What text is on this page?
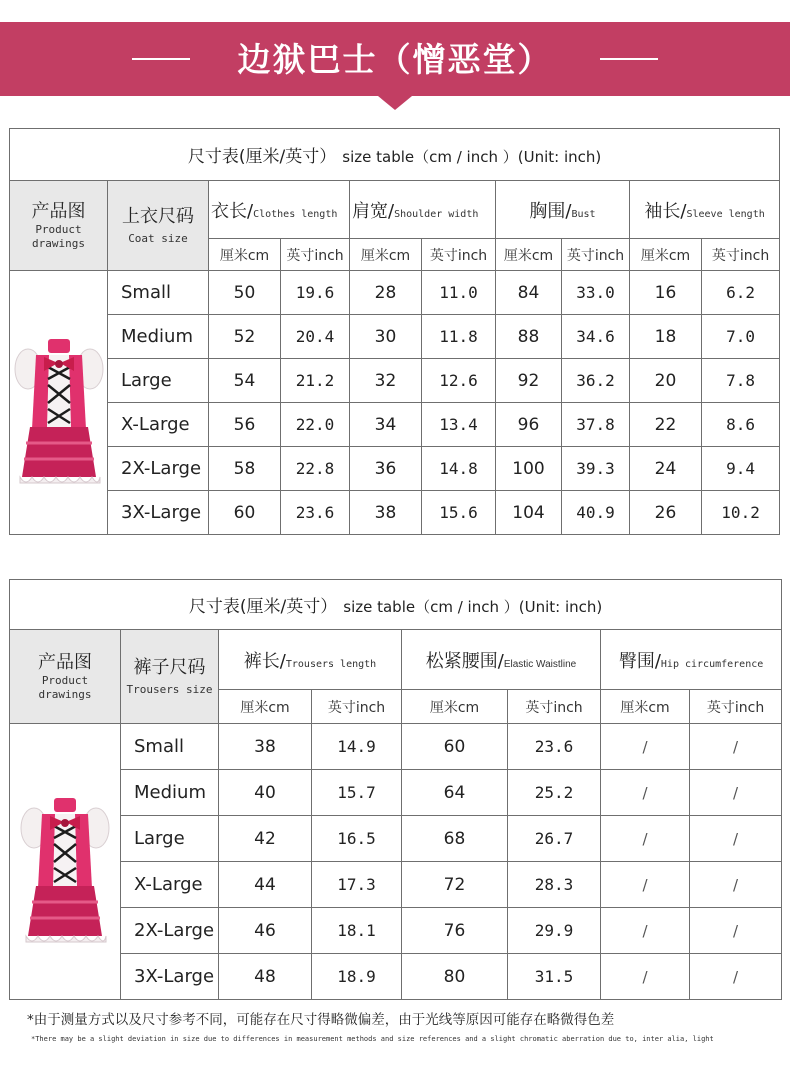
边狱巴士（憎恶堂）
尺寸表(厘米/英寸） size table（cm / inch ）(Unit: inch)									

产品图
Product
drawings	上衣尺码
Coat size	衣长/Clothes length		肩宽/Shoulder width		胸围/Bust		袖长/Sleeve length	
		厘米cm	英寸inch	厘米cm	英寸inch	厘米cm	英寸inch	厘米cm	英寸inch
	Small	50	19.6	28	11.0	84	33.0	16	6.2
	Medium	52	20.4	30	11.8	88	34.6	18	7.0
	Large	54	21.2	32	12.6	92	36.2	20	7.8
	X-Large	56	22.0	34	13.4	96	37.8	22	8.6
	2X-Large	58	22.8	36	14.8	100	39.3	24	9.4
	3X-Large	60	23.6	38	15.6	104	40.9	26	10.2
尺寸表(厘米/英寸） size table（cm / inch ）(Unit: inch)							

产品图
Product
drawings	裤子尺码
Trousers size	裤长/Trousers length		松紧腰围/Elastic Waistline		臀围/Hip circumference	
		厘米cm	英寸inch	厘米cm	英寸inch	厘米cm	英寸inch
	Small	38	14.9	60	23.6	/	/
	Medium	40	15.7	64	25.2	/	/
	Large	42	16.5	68	26.7	/	/
	X-Large	44	17.3	72	28.3	/	/
	2X-Large	46	18.1	76	29.9	/	/
	3X-Large	48	18.9	80	31.5	/	/
*由于测量方式以及尺寸参考不同，可能存在尺寸得略微偏差，由于光线等原因可能存在略微得色差
*There may be a slight deviation in size due to differences in measurement methods and size references and a slight chromatic aberration due to, inter alia, light
